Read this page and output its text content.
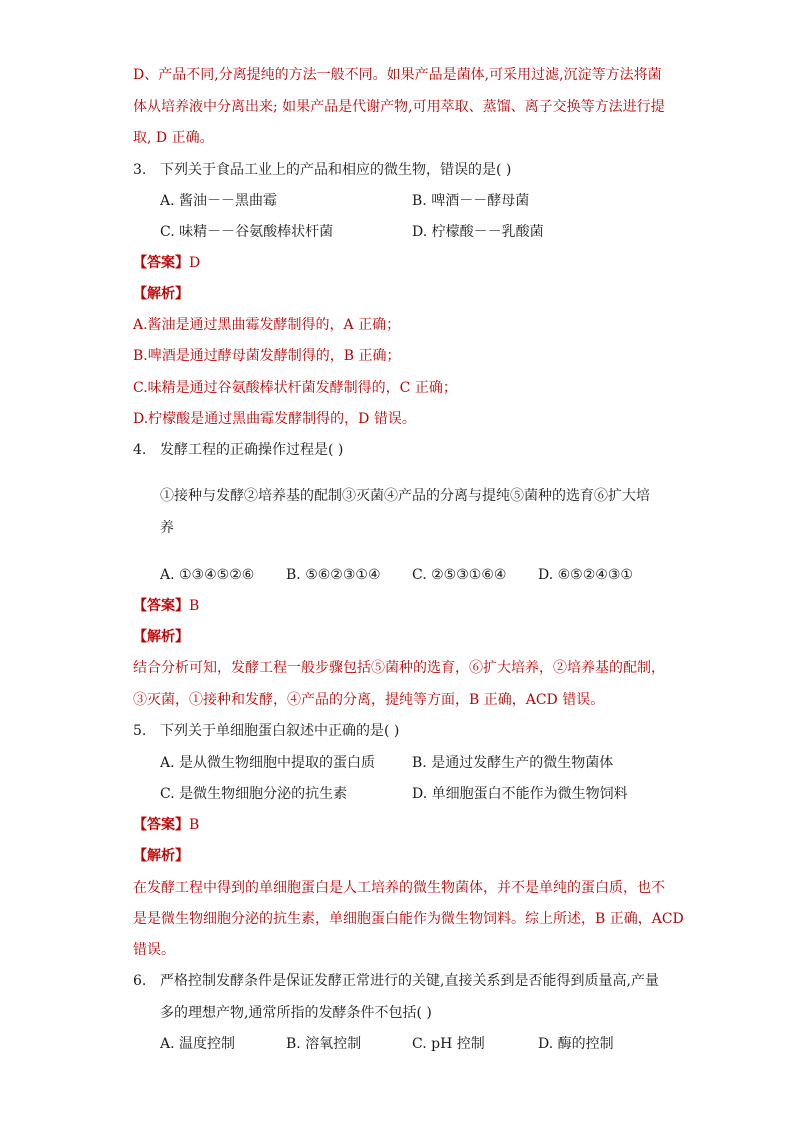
D、产品不同,分离提纯的方法一般不同。如果产品是菌体,可采用过滤,沉淀等方法将菌
体从培养液中分离出来; 如果产品是代谢产物,可用萃取、蒸馏、离子交换等方法进行提
取, D 正确。
3. 下列关于食品工业上的产品和相应的微生物，错误的是( )
A. 酱油－－黑曲霉	B. 啤酒－－酵母菌
C. 味精－－谷氨酸棒状杆菌	D. 柠檬酸－－乳酸菌
【答案】D
【解析】
A.酱油是通过黑曲霉发酵制得的，A 正确；
B.啤酒是通过酵母菌发酵制得的，B 正确；
C.味精是通过谷氨酸棒状杆菌发酵制得的，C 正确；
D.柠檬酸是通过黑曲霉发酵制得的，D 错误。
4. 发酵工程的正确操作过程是( )
①接种与发酵②培养基的配制③灭菌④产品的分离与提纯⑤菌种的选育⑥扩大培
养
A. ①③④⑤②⑥ B. ⑤⑥②③①④ C. ②⑤③①⑥④ D. ⑥⑤②④③①
【答案】B
【解析】
结合分析可知，发酵工程一般步骤包括⑤菌种的选育，⑥扩大培养，②培养基的配制，
③灭菌，①接种和发酵，④产品的分离，提纯等方面，B 正确，ACD 错误。
5. 下列关于单细胞蛋白叙述中正确的是( )
A. 是从微生物细胞中提取的蛋白质	B. 是通过发酵生产的微生物菌体
C. 是微生物细胞分泌的抗生素	D. 单细胞蛋白不能作为微生物饲料
【答案】B
【解析】
在发酵工程中得到的单细胞蛋白是人工培养的微生物菌体，并不是单纯的蛋白质，也不
是是微生物细胞分泌的抗生素，单细胞蛋白能作为微生物饲料。综上所述，B 正确，ACD
错误。
6. 严格控制发酵条件是保证发酵正常进行的关键,直接关系到是否能得到质量高,产量
多的理想产物,通常所指的发酵条件不包括( )
A. 温度控制	B. 溶氧控制	C. pH 控制	D. 酶的控制
